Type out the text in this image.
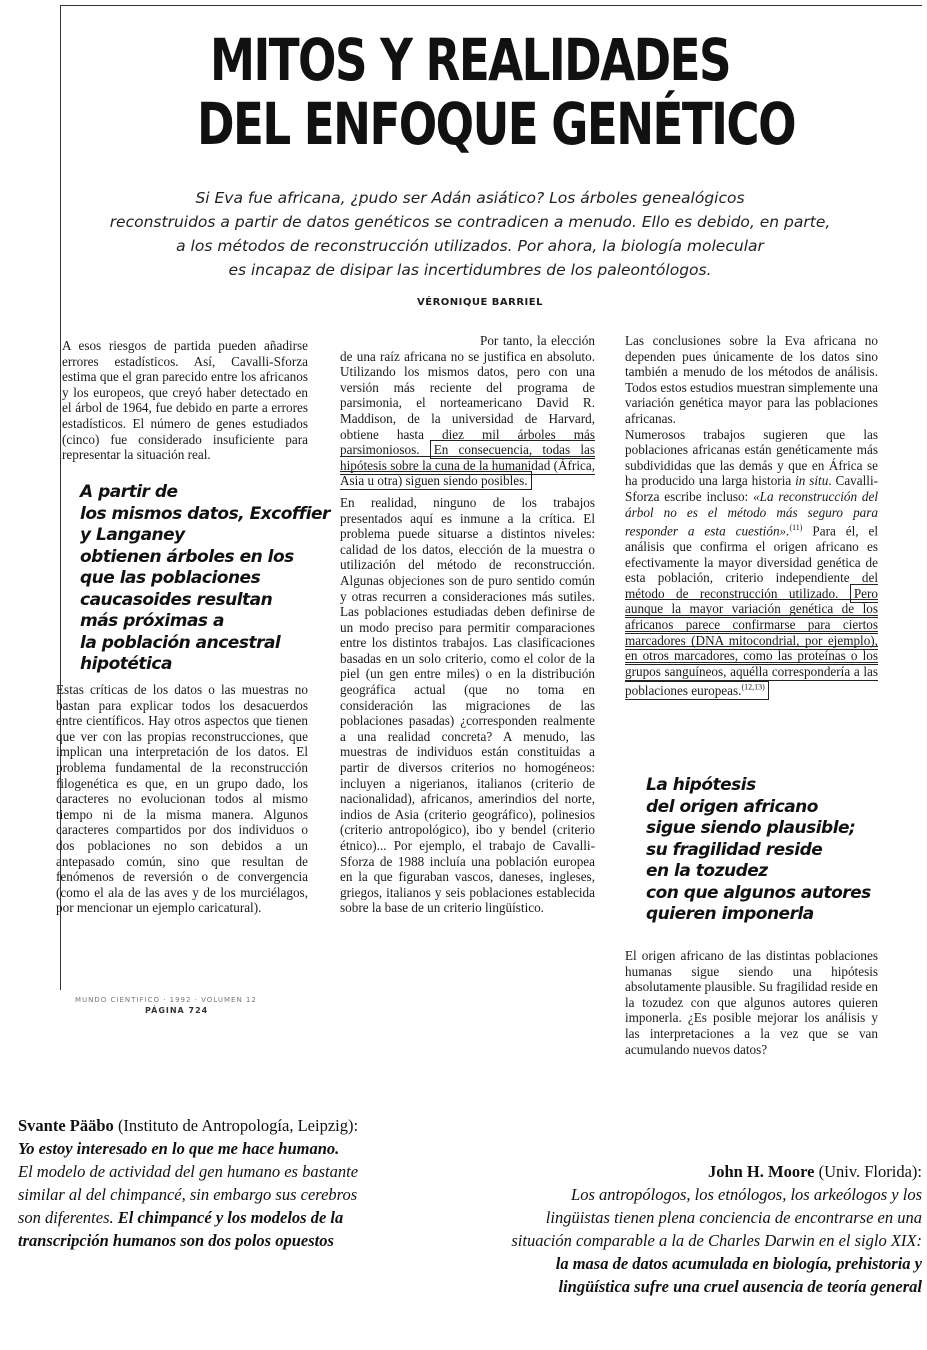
MITOS Y REALIDADES
DEL ENFOQUE GENÉTICO
Si Eva fue africana, ¿pudo ser Adán asiático? Los árboles genealógicos
reconstruidos a partir de datos genéticos se contradicen a menudo. Ello es debido, en parte,
a los métodos de reconstrucción utilizados. Por ahora, la biología molecular
es incapaz de disipar las incertidumbres de los paleontólogos.
VÉRONIQUE BARRIEL

A esos riesgos de partida pueden añadirse errores estadísticos. Así, Cavalli-Sforza estima que el gran parecido entre los africanos y los europeos, que creyó haber detectado en el árbol de 1964, fue debido en parte a errores estadísticos. El número de genes estudiados (cinco) fue considerado insuficiente para representar la situación real.

A partir de
los mismos datos, Excoffier
y Langaney
obtienen árboles en los
que las poblaciones
caucasoides resultan
más próximas a
la población ancestral
hipotética

Estas críticas de los datos o las muestras no bastan para explicar todos los desacuerdos entre científicos. Hay otros aspectos que tienen que ver con las propias reconstrucciones, que implican una interpretación de los datos. El problema fundamental de la reconstrucción filogenética es que, en un grupo dado, los caracteres no evolucionan todos al mismo tiempo ni de la misma manera. Algunos caracteres compartidos por dos individuos o dos poblaciones no son debidos a un antepasado común, sino que resultan de fenómenos de reversión o de convergencia (como el ala de las aves y de los murciélagos, por mencionar un ejemplo caricatural).

MUNDO CIENTIFICO · 1992 · VOLUMEN 12
PÁGINA 724

Por tanto, la elección de una raíz africana no se justifica en absoluto. Utilizando los mismos datos, pero con una versión más reciente del programa de parsimonia, el norteamericano David R. Maddison, de la universidad de Harvard, obtiene hasta diez mil árboles más parsimoniosos. En consecuencia, todas las hipótesis sobre la cuna de la humanidad (África, Asia u otra) siguen siendo posibles.

En realidad, ninguno de los trabajos presentados aquí es inmune a la crítica. El problema puede situarse a distintos niveles: calidad de los datos, elección de la muestra o utilización del método de reconstrucción. Algunas objeciones son de puro sentido común y otras recurren a consideraciones más sutiles. Las poblaciones estudiadas deben definirse de un modo preciso para permitir comparaciones entre los distintos trabajos. Las clasificaciones basadas en un solo criterio, como el color de la piel (un gen entre miles) o en la distribución geográfica actual (que no toma en consideración las migraciones de las poblaciones pasadas) ¿corresponden realmente a una realidad concreta? A menudo, las muestras de individuos están constituidas a partir de diversos criterios no homogéneos: incluyen a nigerianos, italianos (criterio de nacionalidad), africanos, amerindios del norte, indios de Asia (criterio geográfico), polinesios (criterio antropológico), ibo y bendel (criterio étnico)... Por ejemplo, el trabajo de Cavalli-Sforza de 1988 incluía una población europea en la que figuraban vascos, daneses, ingleses, griegos, italianos y seis poblaciones establecida sobre la base de un criterio lingüístico.

Las conclusiones sobre la Eva africana no dependen pues únicamente de los datos sino también a menudo de los métodos de análisis. Todos estos estudios muestran simplemente una variación genética mayor para las poblaciones africanas.

Numerosos trabajos sugieren que las poblaciones africanas están genéticamente más subdivididas que las demás y que en África se ha producido una larga historia in situ. Cavalli-Sforza escribe incluso: «La reconstrucción del árbol no es el método más seguro para responder a esta cuestión».$^{(11)}$ Para él, el análisis que confirma el origen africano es efectivamente la mayor diversidad genética de esta población, criterio independiente del método de reconstrucción utilizado. Pero aunque la mayor variación genética de los africanos parece confirmarse para ciertos marcadores (DNA mitocondrial, por ejemplo), en otros marcadores, como las proteínas o los grupos sanguíneos, aquélla correspondería a las poblaciones europeas.$^{(12,13)}$

La hipótesis
del origen africano
sigue siendo plausible;
su fragilidad reside
en la tozudez
con que algunos autores
quieren imponerla

El origen africano de las distintas poblaciones humanas sigue siendo una hipótesis absolutamente plausible. Su fragilidad reside en la tozudez con que algunos autores quieren imponerla. ¿Es posible mejorar los análisis y las interpretaciones a la vez que se van acumulando nuevos datos?

Svante Pääbo (Instituto de Antropología, Leipzig):
Yo estoy interesado en lo que me hace humano.
El modelo de actividad del gen humano es bastante
similar al del chimpancé, sin embargo sus cerebros
son diferentes. El chimpancé y los modelos de la
transcripción humanos son dos polos opuestos
John H. Moore (Univ. Florida):
Los antropólogos, los etnólogos, los arkeólogos y los
lingüistas tienen plena conciencia de encontrarse en una
situación comparable a la de Charles Darwin en el siglo XIX:
la masa de datos acumulada en biología, prehistoria y
lingüística sufre una cruel ausencia de teoría general
